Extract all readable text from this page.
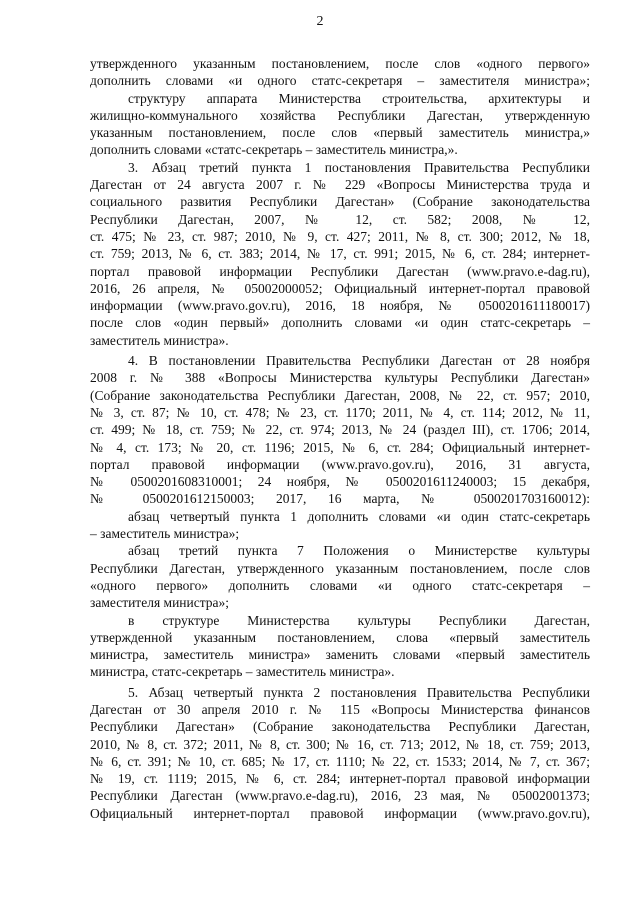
2
утвержденного указанным постановлением, после слов «одного первого»
дополнить словами «и одного статс-секретаря – заместителя министра»;
структуру аппарата Министерства строительства, архитектуры и
жилищно-коммунального хозяйства Республики Дагестан, утвержденную
указанным постановлением, после слов «первый заместитель министра,»
дополнить словами «статс-секретарь – заместитель министра,».
3. Абзац третий пункта 1 постановления Правительства Республики
Дагестан от 24 августа 2007 г. № 229 «Вопросы Министерства труда и
социального развития Республики Дагестан» (Собрание законодательства
Республики Дагестан, 2007, № 12, ст. 582; 2008, № 12,
ст. 475; № 23, ст. 987; 2010, № 9, ст. 427; 2011, № 8, ст. 300; 2012, № 18,
ст. 759; 2013, № 6, ст. 383; 2014, № 17, ст. 991; 2015, № 6, ст. 284; интернет-
портал правовой информации Республики Дагестан (www.pravo.e-dag.ru),
2016, 26 апреля, № 05002000052; Официальный интернет-портал правовой
информации (www.pravo.gov.ru), 2016, 18 ноября, № 0500201611180017)
после слов «один первый» дополнить словами «и один статс-секретарь –
заместитель министра».
4. В постановлении Правительства Республики Дагестан от 28 ноября
2008 г. № 388 «Вопросы Министерства культуры Республики Дагестан»
(Собрание законодательства Республики Дагестан, 2008, № 22, ст. 957; 2010,
№ 3, ст. 87; № 10, ст. 478; № 23, ст. 1170; 2011, № 4, ст. 114; 2012, № 11,
ст. 499; № 18, ст. 759; № 22, ст. 974; 2013, № 24 (раздел III), ст. 1706; 2014,
№ 4, ст. 173; № 20, ст. 1196; 2015, № 6, ст. 284; Официальный интернет-
портал правовой информации (www.pravo.gov.ru), 2016, 31 августа,
№ 0500201608310001; 24 ноября, № 0500201611240003; 15 декабря,
№ 0500201612150003; 2017, 16 марта, № 0500201703160012):
абзац четвертый пункта 1 дополнить словами «и один статс-секретарь
– заместитель министра»;
абзац третий пункта 7 Положения о Министерстве культуры
Республики Дагестан, утвержденного указанным постановлением, после слов
«одного первого» дополнить словами «и одного статс-секретаря –
заместителя министра»;
в структуре Министерства культуры Республики Дагестан,
утвержденной указанным постановлением, слова «первый заместитель
министра, заместитель министра» заменить словами «первый заместитель
министра, статс-секретарь – заместитель министра».
5. Абзац четвертый пункта 2 постановления Правительства Республики
Дагестан от 30 апреля 2010 г. № 115 «Вопросы Министерства финансов
Республики Дагестан» (Собрание законодательства Республики Дагестан,
2010, № 8, ст. 372; 2011, № 8, ст. 300; № 16, ст. 713; 2012, № 18, ст. 759; 2013,
№ 6, ст. 391; № 10, ст. 685; № 17, ст. 1110; № 22, ст. 1533; 2014, № 7, ст. 367;
№ 19, ст. 1119; 2015, № 6, ст. 284; интернет-портал правовой информации
Республики Дагестан (www.pravo.e-dag.ru), 2016, 23 мая, № 05002001373;
Официальный интернет-портал правовой информации (www.pravo.gov.ru),
